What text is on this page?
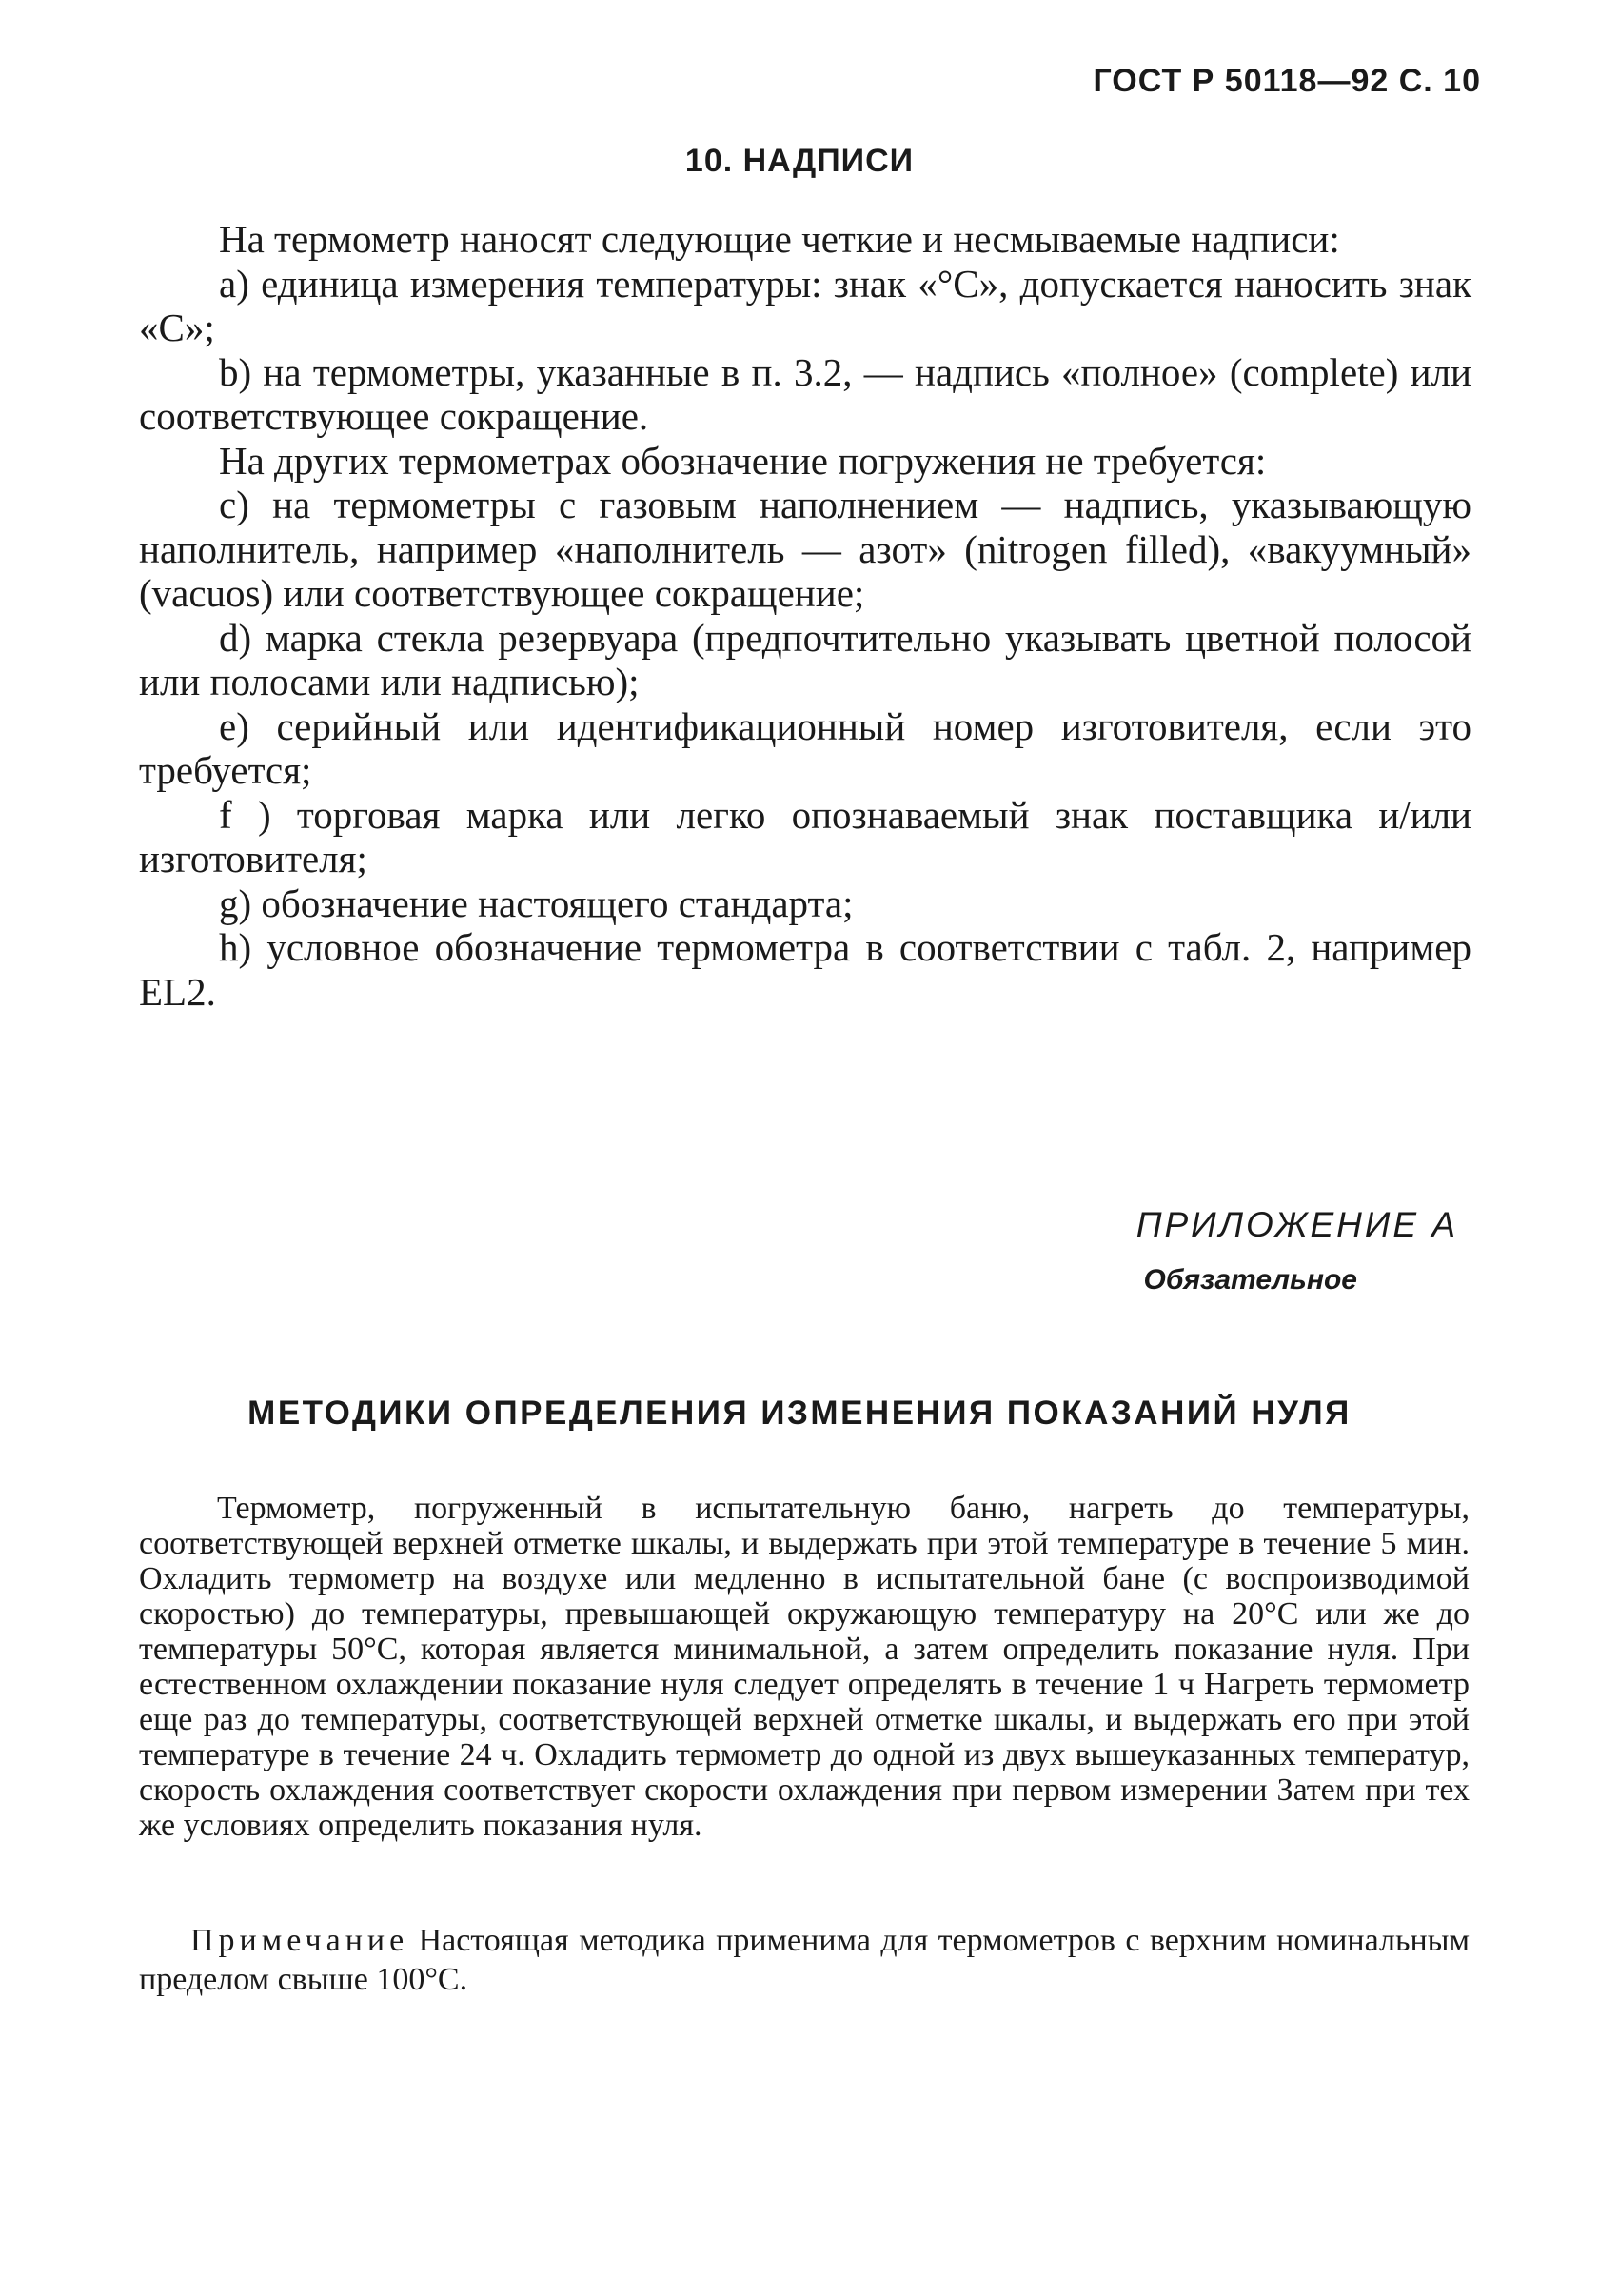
ГОСТ Р 50118—92 С. 10
10. НАДПИСИ

На термометр наносят следующие четкие и несмываемые надписи:

a) единица измерения температуры: знак «°С», допускается наносить знак «С»;

b) на термометры, указанные в п. 3.2, — надпись «полное» (complete) или соответствующее сокращение.

На других термометрах обозначение погружения не требуется:

c) на термометры с газовым наполнением — надпись, указывающую наполнитель, например «наполнитель — азот» (nitrogen filled), «вакуумный» (vacuos) или соответствующее сокращение;

d) марка стекла резервуара (предпочтительно указывать цветной полосой или полосами или надписью);

e) серийный или идентификационный номер изготовителя, если это требуется;

f ) торговая марка или легко опознаваемый знак поставщика и/или изготовителя;

g) обозначение настоящего стандарта;

h) условное обозначение термометра в соответствии с табл. 2, например EL2.

ПРИЛОЖЕНИЕ А
Обязательное
МЕТОДИКИ ОПРЕДЕЛЕНИЯ ИЗМЕНЕНИЯ ПОКАЗАНИЙ НУЛЯ

Термометр, погруженный в испытательную баню, нагреть до температуры, соответствующей верхней отметке шкалы, и выдержать при этой температуре в течение 5 мин. Охладить термометр на воздухе или медленно в испытательной бане (с воспроизводимой скоростью) до температуры, превышающей окружающую температуру на 20°С или же до температуры 50°С, которая является минимальной, а затем определить показание нуля. При естественном охлаждении показание нуля следует определять в течение 1 ч Нагреть термометр еще раз до температуры, соответствующей верхней отметке шкалы, и выдержать его при этой температуре в течение 24 ч. Охладить термометр до одной из двух вышеуказанных температур, скорость охлаждения соответствует скорости охлаждения при первом измерении Затем при тех же условиях определить показания нуля.

Примечание Настоящая методика применима для термометров с верхним номинальным пределом свыше 100°С.
